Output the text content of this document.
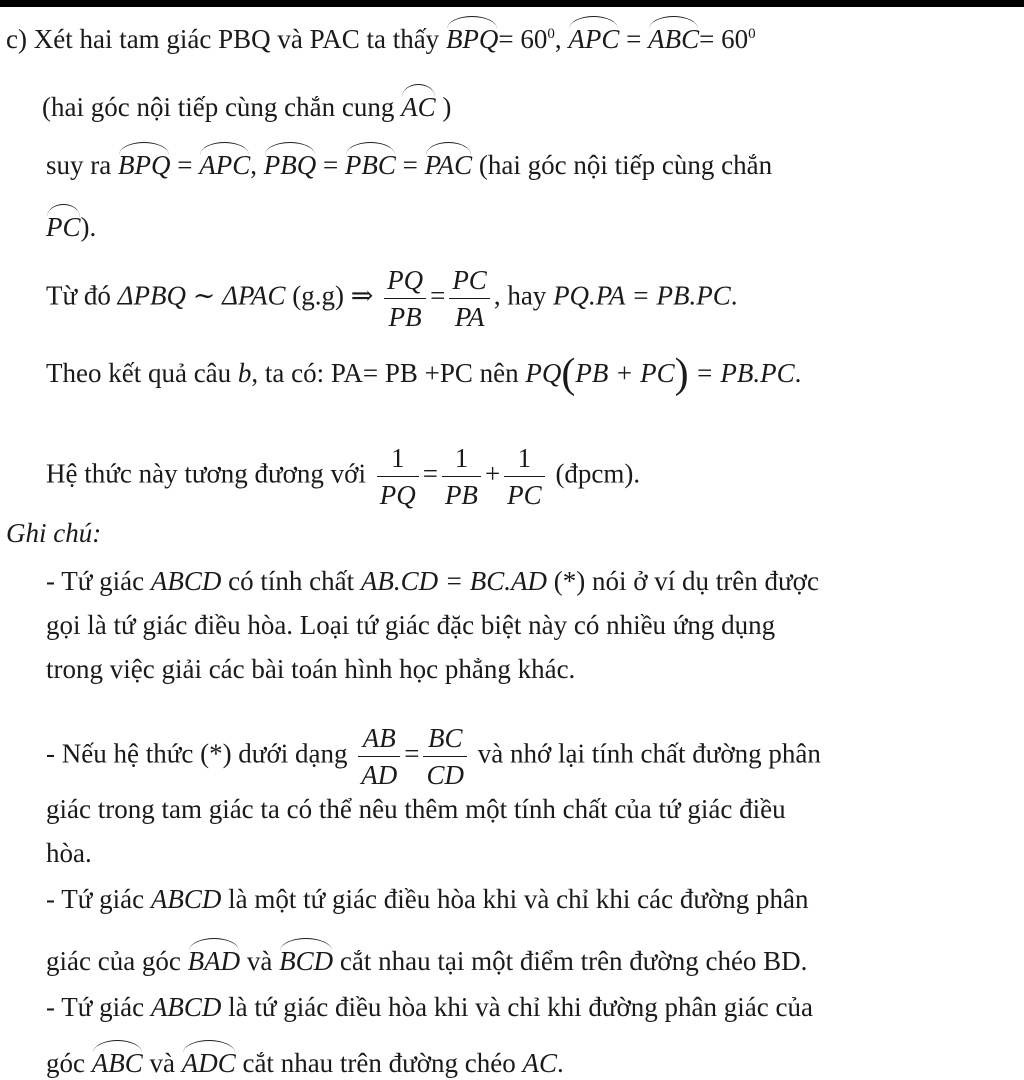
c) Xét hai tam giác PBQ và PAC ta thấy $BPQ= 60^0$, APC = $ABC= 60^0$
(hai góc nội tiếp cùng chắn cung AC )
suy ra BPQ = APC, PBQ = PBC = PAC (hai góc nội tiếp cùng chắn
PC).
Từ đó ΔPBQ ∼ ΔPAC (g.g) ⇒ $\frac{PQ}{PB} = \frac{PC}{PA}$ , hay PQ.PA = PB.PC.
Theo kết quả câu b, ta có: PA= PB +PC nên PQ(PB + PC) = PB.PC.
Hệ thức này tương đương với $\frac{1}{PQ} = \frac{1}{PB} + \frac{1}{PC}$ (đpcm).
Ghi chú:
- Tứ giác ABCD có tính chất AB.CD = BC.AD (*) nói ở ví dụ trên được
gọi là tứ giác điều hòa. Loại tứ giác đặc biệt này có nhiều ứng dụng
trong việc giải các bài toán hình học phẳng khác.
- Nếu hệ thức (*) dưới dạng $\frac{AB}{AD} = \frac{BC}{CD}$ và nhớ lại tính chất đường phân
giác trong tam giác ta có thể nêu thêm một tính chất của tứ giác điều
hòa.
- Tứ giác ABCD là một tứ giác điều hòa khi và chỉ khi các đường phân
giác của góc BAD và BCD cắt nhau tại một điểm trên đường chéo BD.
- Tứ giác ABCD là tứ giác điều hòa khi và chỉ khi đường phân giác của
góc ABC và ADC cắt nhau trên đường chéo AC.
